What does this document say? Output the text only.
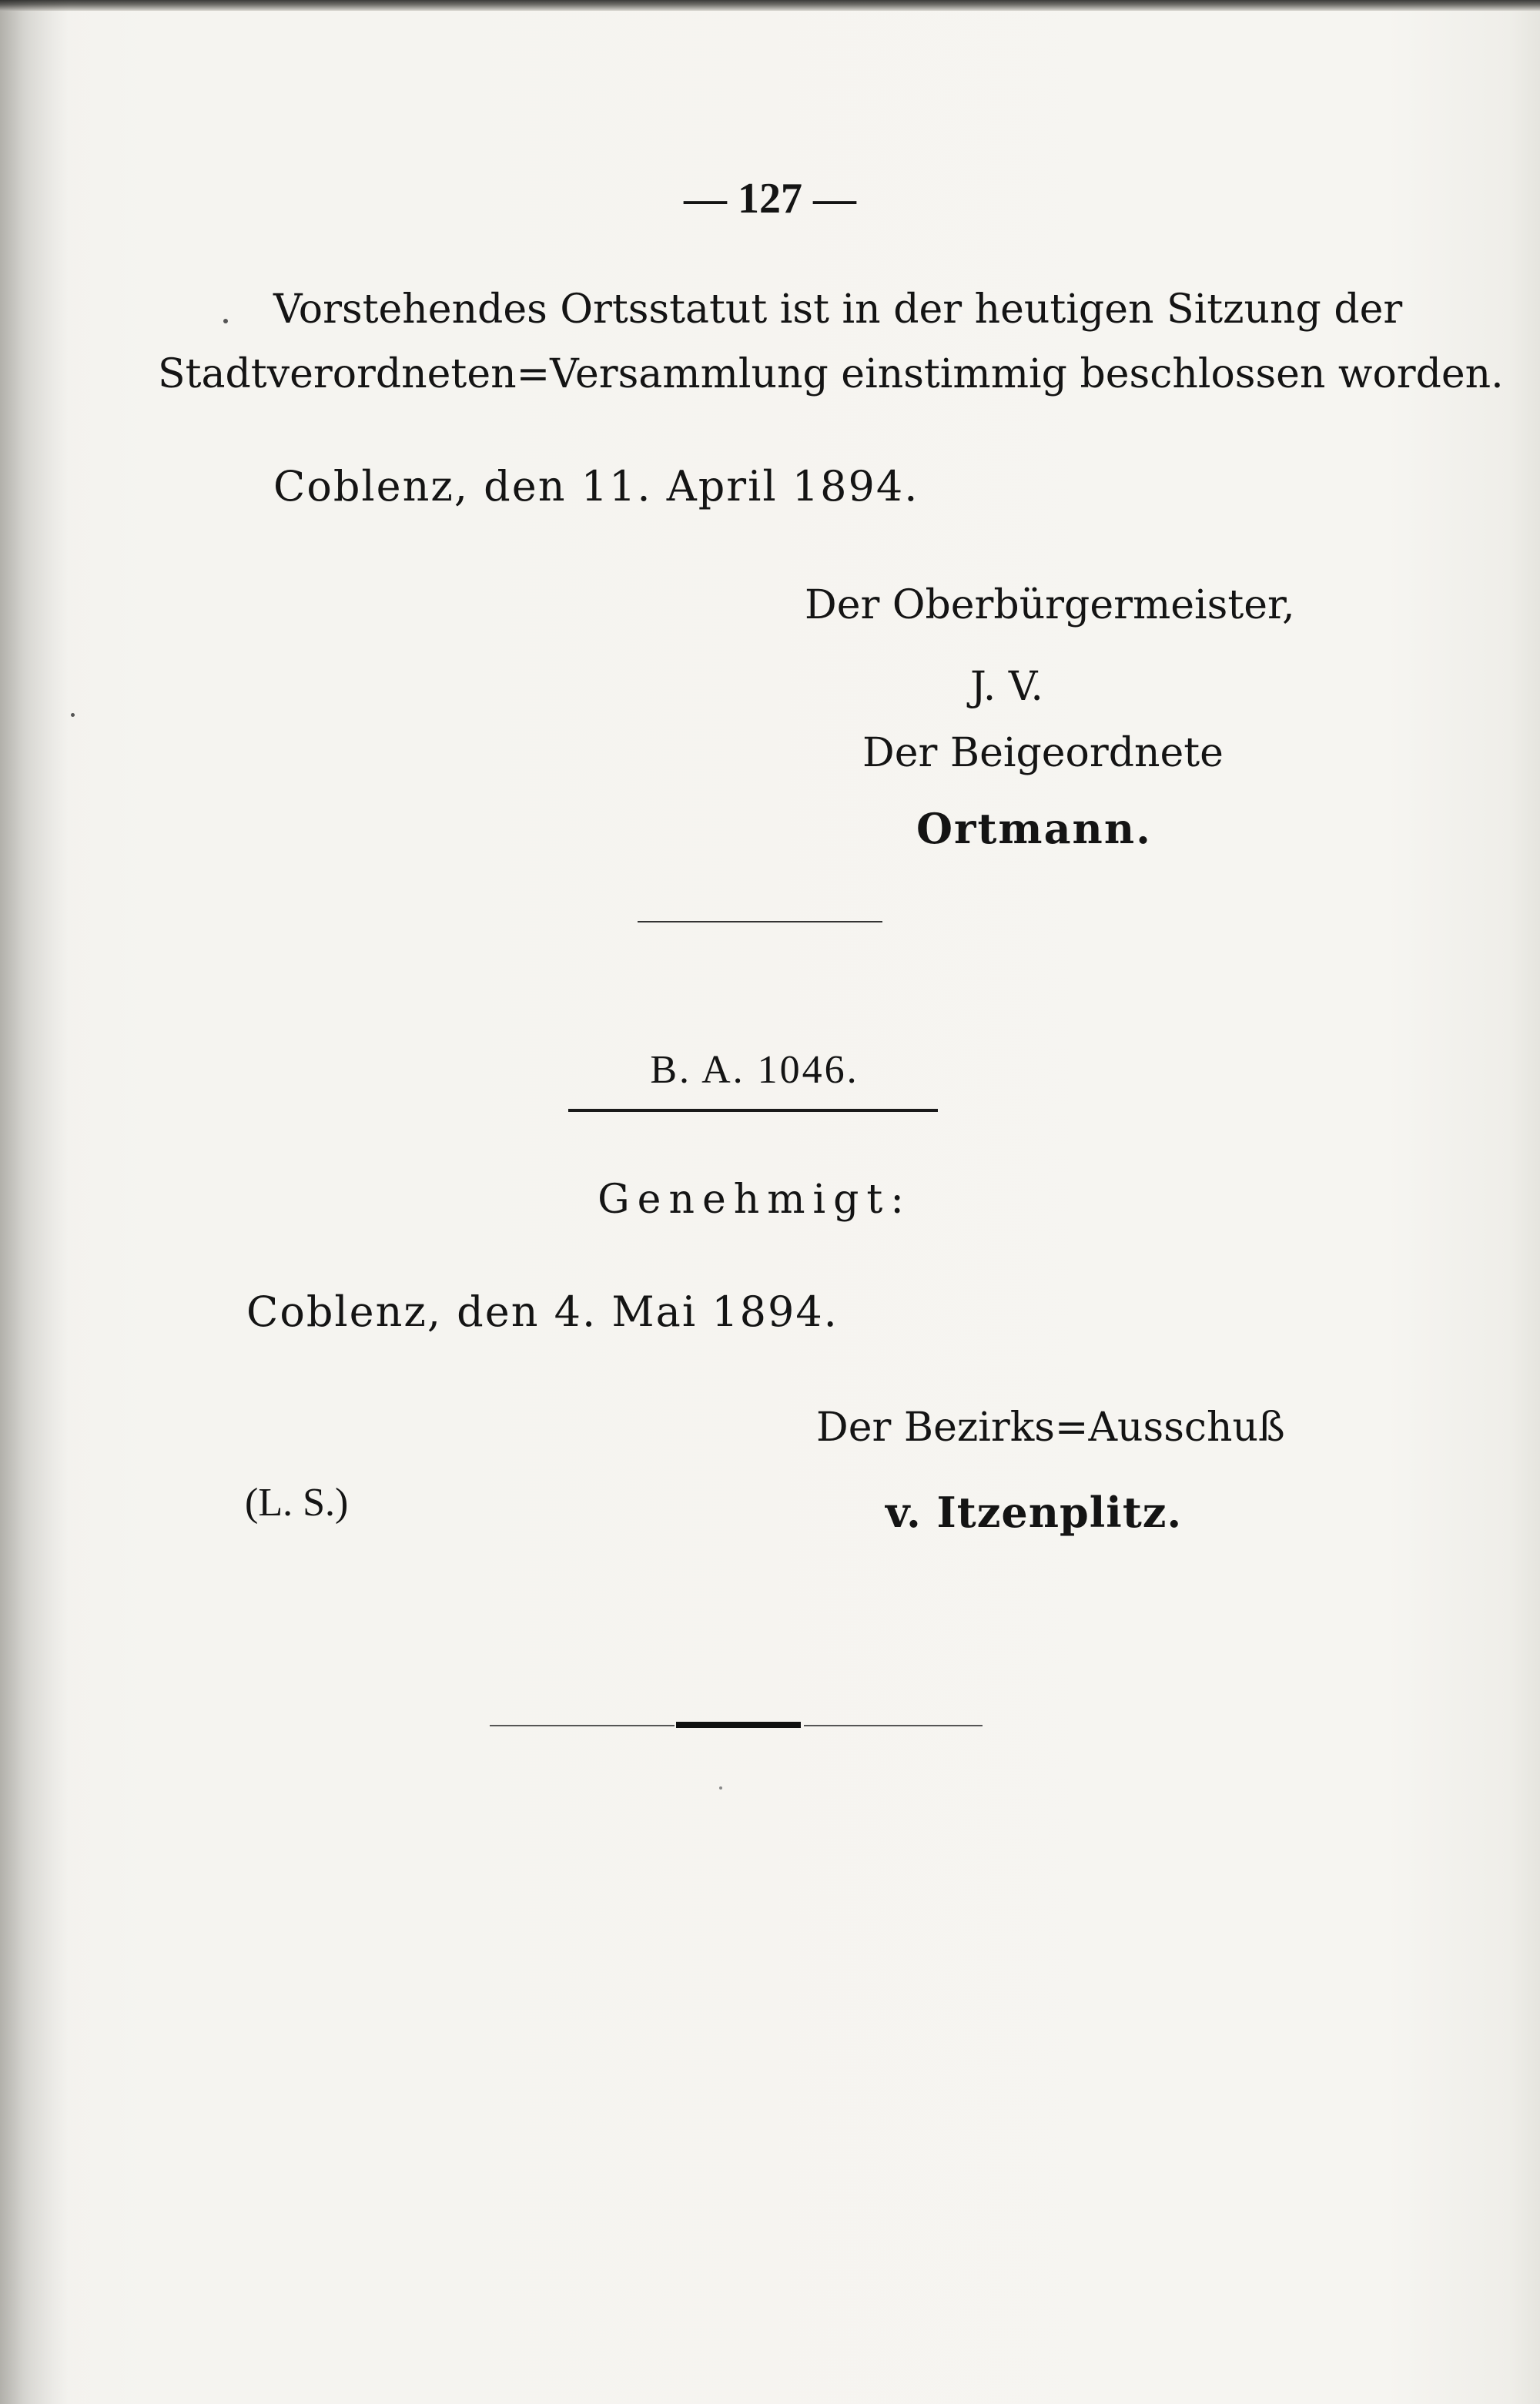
— 127 —
Vorstehendes Ortsstatut ist in der heutigen Sitzung der
Stadtverordneten=Versammlung einstimmig beschlossen worden.
Coblenz, den 11. April 1894.
Der Oberbürgermeister,
J. V.
Der Beigeordnete
Ortmann.
B. A. 1046.
Genehmigt:
Coblenz, den 4. Mai 1894.
Der Bezirks=Ausschuß
(L. S.)	v. Itzenplitz.
